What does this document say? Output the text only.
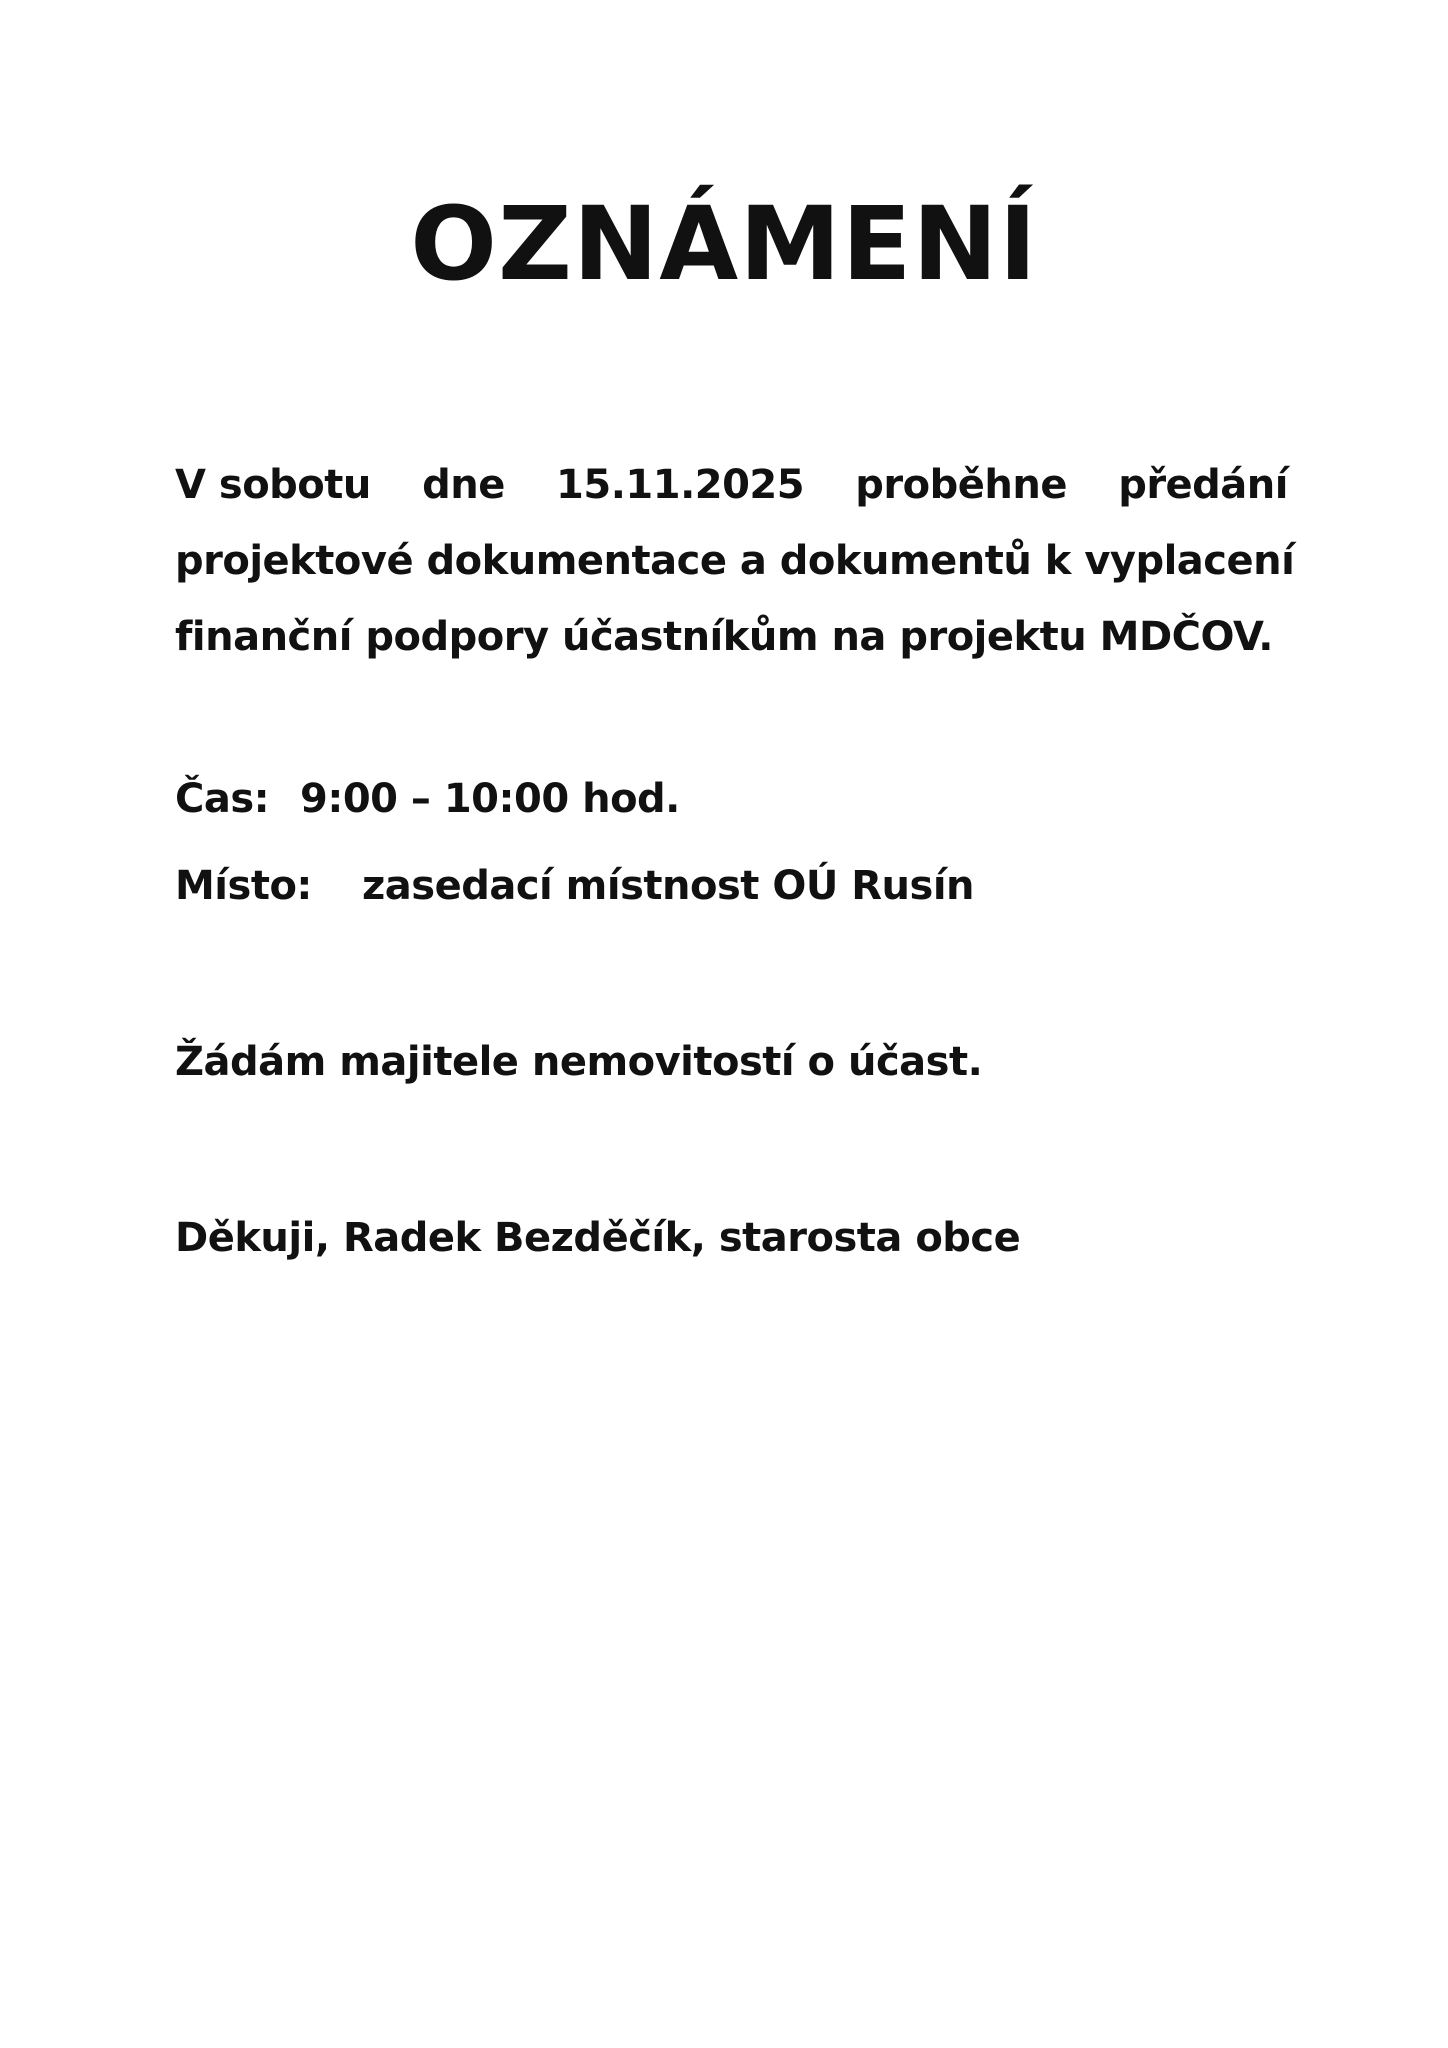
OZNÁMENÍ
V sobotu dne 15.11.2025 proběhne předání
projektové dokumentace a dokumentů k vyplacení
finanční podpory účastníkům na projektu MDČOV.

Čas: 9:00 – 10:00 hod.

Místo: zasedací místnost OÚ Rusín

Žádám majitele nemovitostí o účast.

Děkuji, Radek Bezděčík, starosta obce
